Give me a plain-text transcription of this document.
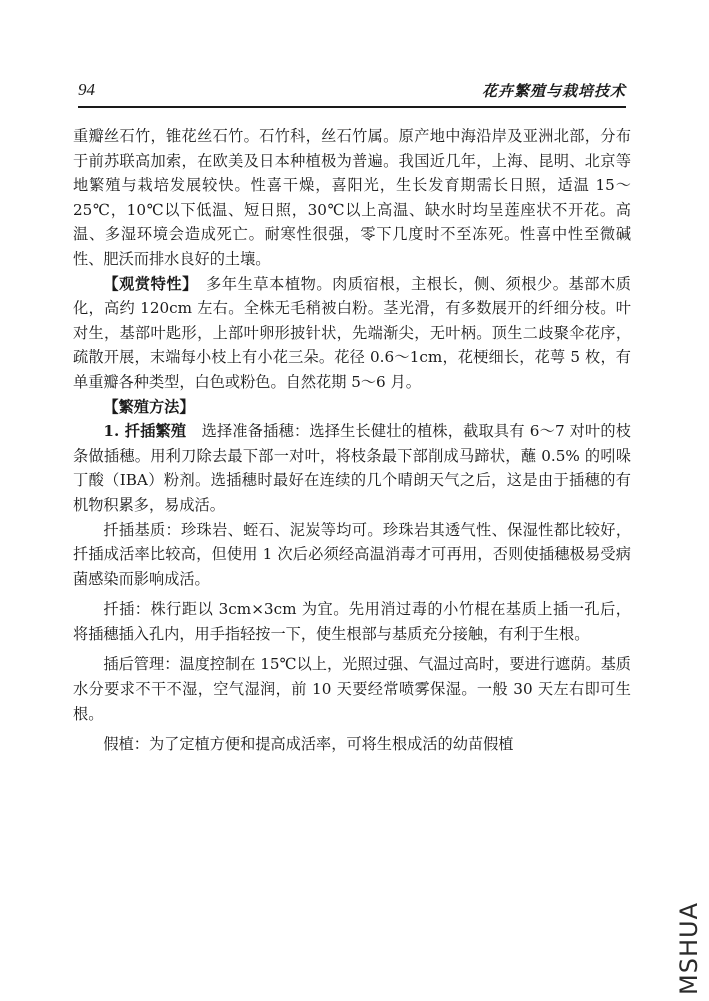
94	花卉繁殖与栽培技术

重瓣丝石竹，锥花丝石竹。石竹科，丝石竹属。原产地中海沿岸及亚洲北部，分布于前苏联高加索，在欧美及日本种植极为普遍。我国近几年，上海、昆明、北京等地繁殖与栽培发展较快。性喜干燥，喜阳光，生长发育期需长日照，适温 15～25℃，10℃以下低温、短日照，30℃以上高温、缺水时均呈莲座状不开花。高温、多湿环境会造成死亡。耐寒性很强，零下几度时不至冻死。性喜中性至微碱性、肥沃而排水良好的土壤。

【观赏特性】　多年生草本植物。肉质宿根，主根长，侧、须根少。基部木质化，高约 120cm 左右。全株无毛稍被白粉。茎光滑，有多数展开的纤细分枝。叶对生，基部叶匙形，上部叶卵形披针状，先端渐尖，无叶柄。顶生二歧聚伞花序，疏散开展，末端每小枝上有小花三朵。花径 0.6～1cm，花梗细长，花萼 5 枚，有单重瓣各种类型，白色或粉色。自然花期 5～6 月。

【繁殖方法】

1. 扦插繁殖　选择准备插穗：选择生长健壮的植株，截取具有 6～7 对叶的枝条做插穗。用利刀除去最下部一对叶，将枝条最下部削成马蹄状，蘸 0.5% 的吲哚丁酸（IBA）粉剂。选插穗时最好在连续的几个晴朗天气之后，这是由于插穗的有机物积累多，易成活。

扦插基质：珍珠岩、蛭石、泥炭等均可。珍珠岩其透气性、保湿性都比较好，扦插成活率比较高，但使用 1 次后必须经高温消毒才可再用，否则使插穗极易受病菌感染而影响成活。

扦插：株行距以 3cm×3cm 为宜。先用消过毒的小竹棍在基质上插一孔后，将插穗插入孔内，用手指轻按一下，使生根部与基质充分接触，有利于生根。

插后管理：温度控制在 15℃以上，光照过强、气温过高时，要进行遮荫。基质水分要求不干不湿，空气湿润，前 10 天要经常喷雾保湿。一般 30 天左右即可生根。

假植：为了定植方便和提高成活率，可将生根成活的幼苗假植

MSHUA
